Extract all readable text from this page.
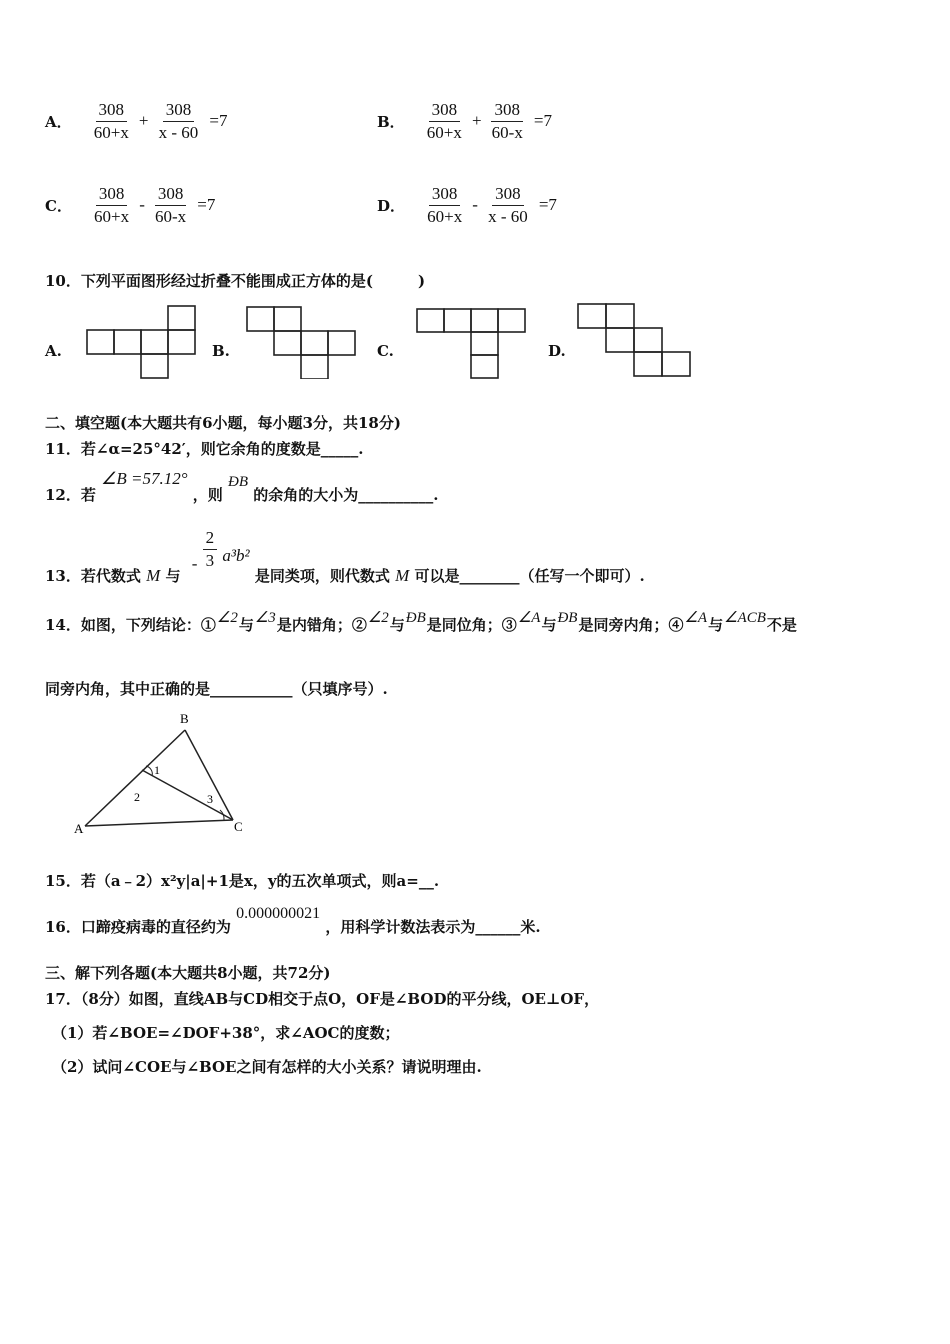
A． $\frac{308}{60+x} + \frac{308}{x - 60} =7$	B． $\frac{308}{60+x} + \frac{308}{60-x} =7$
C． $\frac{308}{60+x} - \frac{308}{60-x} =7$	D． $\frac{308}{60+x} - \frac{308}{x - 60} =7$
10．下列平面图形经过折叠不能围成正方体的是(　　　)
A.	B.	C.	D.
二、填空题(本大题共有6小题，每小题3分，共18分)
11．若∠α=25°42′，则它余角的度数是_____.
12．若 ∠B =57.12° ，则 ÐB 的余角的大小为__________.
13．若代数式 M 与 - $\frac{2}{3} a^3b^2$ 是同类项，则代数式 M 可以是________（任写一个即可）.
14．如图，下列结论：①∠2与∠3是内错角；②∠2与ÐB是同位角；③∠A与ÐB是同旁内角；④∠A与∠ACB不是
同旁内角，其中正确的是___________（只填序号）.
B
A	C
1
2	3
15．若（a﹣2）x²y|a|+1是x，y的五次单项式，则a=__.
16．口蹄疫病毒的直径约为 0.000000021 ，用科学计数法表示为______米.
三、解下列各题(本大题共8小题，共72分)
17．（8分）如图，直线AB与CD相交于点O，OF是∠BOD的平分线，OE⊥OF，
（1）若∠BOE=∠DOF+38°，求∠AOC的度数；
（2）试问∠COE与∠BOE之间有怎样的大小关系？请说明理由.
